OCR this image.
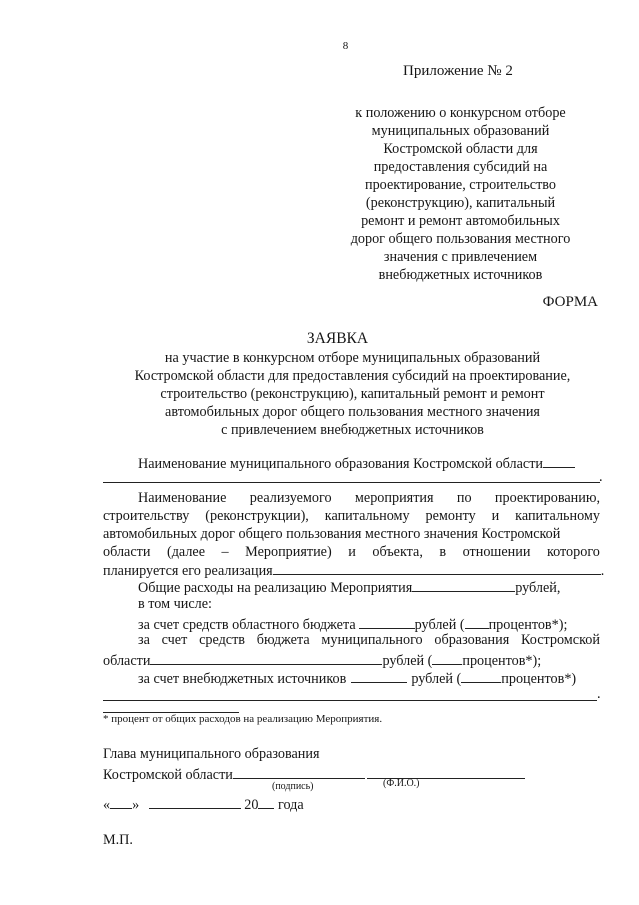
8
Приложение № 2
к положению о конкурсном отборе
муниципальных образований
Костромской области для
предоставления субсидий на
проектирование, строительство
(реконструкцию), капитальный
ремонт и ремонт автомобильных
дорог общего пользования местного
значения с привлечением
внебюджетных источников
ФОРМА
ЗАЯВКА
на участие в конкурсном отборе муниципальных образований
Костромской области для предоставления субсидий на проектирование,
строительство (реконструкцию), капитальный ремонт и ремонт
автомобильных дорог общего пользования местного значения
с привлечением внебюджетных источников
Наименование муниципального образования Костромской области
.
Наименование реализуемого мероприятия по проектированию,
строительству (реконструкции), капитальному ремонту и капитальному
автомобильных дорог общего пользования местного значения Костромской
области (далее – Мероприятие) и объекта, в отношении которого
планируется его реализация	.
Общие расходы на реализацию Мероприятия	рублей,
в том числе:
за счет средств областного бюджета	рублей ( процентов*);
за счет средств бюджета муниципального образования Костромской
области	рублей ( процентов*);
за счет внебюджетных источников	рублей (	процентов*)
.
* процент от общих расходов на реализацию Мероприятия.
Глава муниципального образования
Костромской области
(подпись)	(Ф.И.О.)
« »	20 года
М.П.
